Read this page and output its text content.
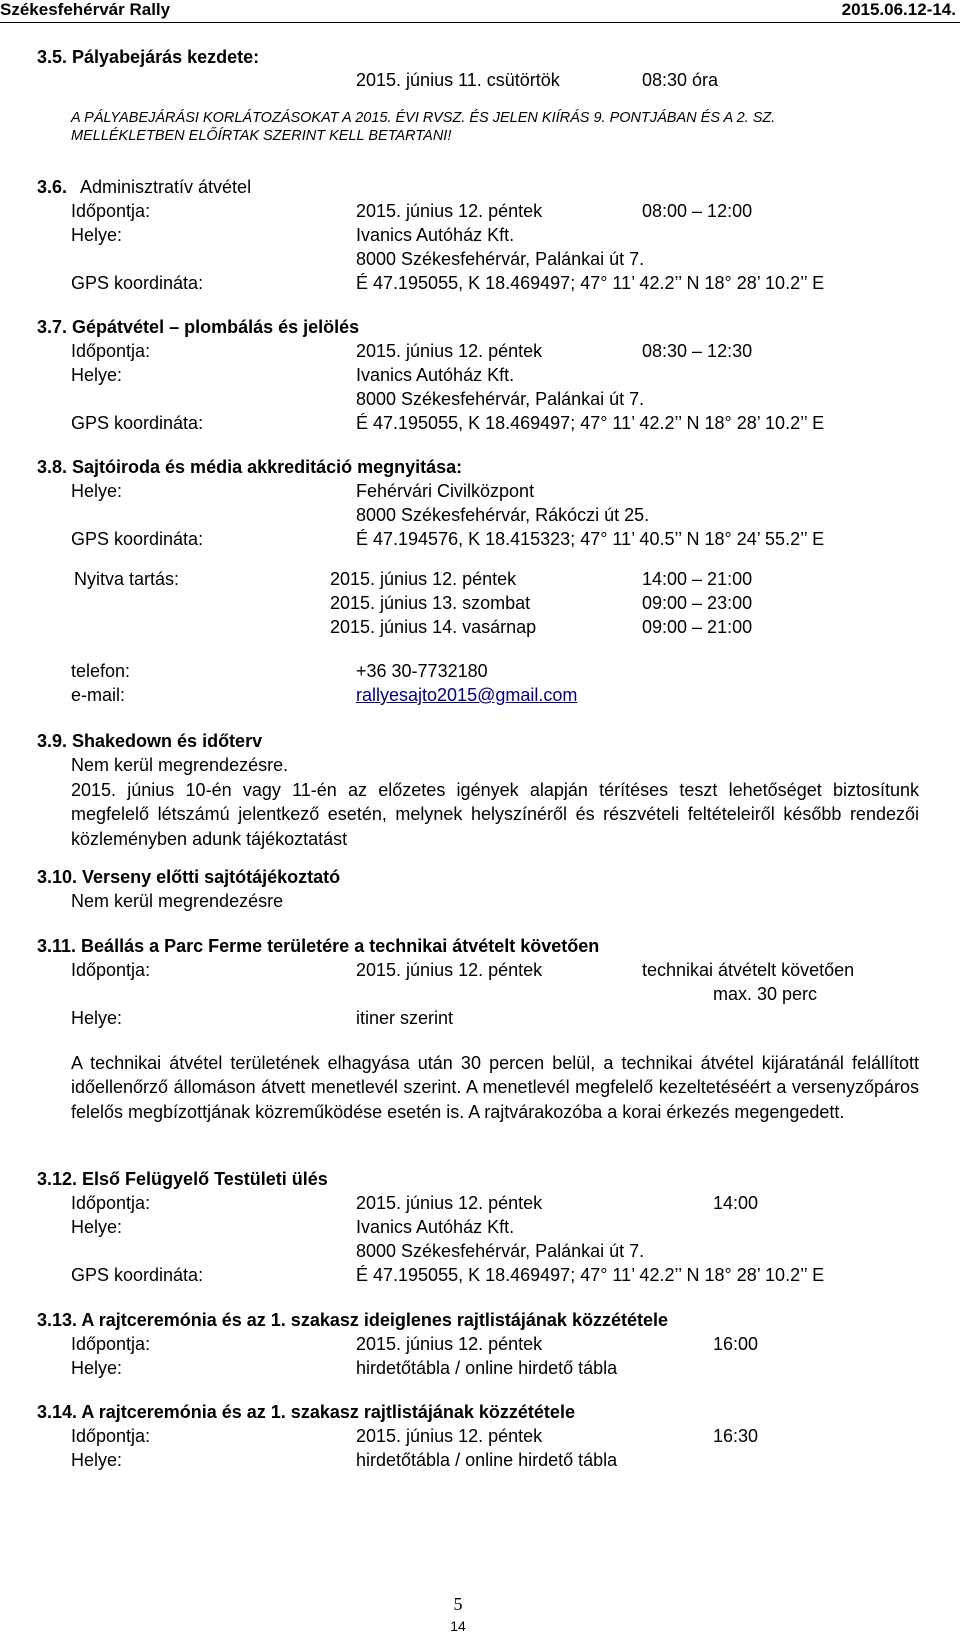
Székesfehérvár Rally	2015.06.12-14.
3.5. Pályabejárás kezdete:
2015. június 11. csütörtök	08:30 óra
A PÁLYABEJÁRÁSI KORLÁTOZÁSOKAT A 2015. ÉVI RVSZ. ÉS JELEN KIÍRÁS 9. PONTJÁBAN ÉS A 2. SZ.
MELLÉKLETBEN ELŐÍRTAK SZERINT KELL BETARTANI!
3.6. Adminisztratív átvétel
Időpontja:	2015. június 12. péntek	08:00 – 12:00
Helye:	Ivanics Autóház Kft.
8000 Székesfehérvár, Palánkai út 7.
GPS koordináta:	É 47.195055, K 18.469497; 47° 11’ 42.2’’ N 18° 28’ 10.2’’ E
3.7. Gépátvétel – plombálás és jelölés
Időpontja:	2015. június 12. péntek	08:30 – 12:30
Helye:	Ivanics Autóház Kft.
8000 Székesfehérvár, Palánkai út 7.
GPS koordináta:	É 47.195055, K 18.469497; 47° 11’ 42.2’’ N 18° 28’ 10.2’’ E
3.8. Sajtóiroda és média akkreditáció megnyitása:
Helye:	Fehérvári Civilközpont
8000 Székesfehérvár, Rákóczi út 25.
GPS koordináta:	É 47.194576, K 18.415323; 47° 11’ 40.5’’ N 18° 24’ 55.2’’ E
Nyitva tartás:	2015. június 12. péntek	14:00 – 21:00
2015. június 13. szombat	09:00 – 23:00
2015. június 14. vasárnap	09:00 – 21:00
telefon:	+36 30-7732180
e-mail:	rallyesajto2015@gmail.com
3.9. Shakedown és időterv
Nem kerül megrendezésre.
2015. június 10-én vagy 11-én az előzetes igények alapján térítéses teszt lehetőséget biztosítunk megfelelő létszámú jelentkező esetén, melynek helyszínéről és részvételi feltételeiről később rendezői közleményben adunk tájékoztatást
3.10. Verseny előtti sajtótájékoztató
Nem kerül megrendezésre
3.11. Beállás a Parc Ferme területére a technikai átvételt követően
Időpontja:	2015. június 12. péntek	technikai átvételt követően
max. 30 perc
Helye:	itiner szerint
A technikai átvétel területének elhagyása után 30 percen belül, a technikai átvétel kijáratánál felállított időellenőrző állomáson átvett menetlevél szerint. A menetlevél megfelelő kezeltetéséért a versenyzőpáros felelős megbízottjának közreműködése esetén is. A rajtvárakozóba a korai érkezés megengedett.
3.12. Első Felügyelő Testületi ülés
Időpontja:	2015. június 12. péntek	14:00
Helye:	Ivanics Autóház Kft.
8000 Székesfehérvár, Palánkai út 7.
GPS koordináta:	É 47.195055, K 18.469497; 47° 11’ 42.2’’ N 18° 28’ 10.2’’ E
3.13. A rajtceremónia és az 1. szakasz ideiglenes rajtlistájának közzététele
Időpontja:	2015. június 12. péntek	16:00
Helye:	hirdetőtábla / online hirdető tábla
3.14. A rajtceremónia és az 1. szakasz rajtlistájának közzététele
Időpontja:	2015. június 12. péntek	16:30
Helye:	hirdetőtábla / online hirdető tábla
5
14
